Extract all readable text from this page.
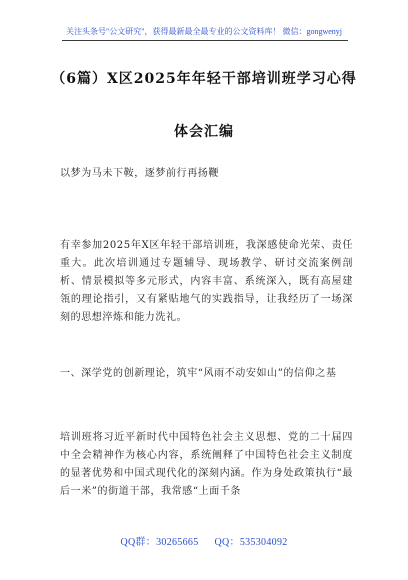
关注头条号"公文研究"，获得最新最全最专业的公文资料库！ 微信：gongwenyj
（6篇）X区2025年年轻干部培训班学习心得
体会汇编
以梦为马未下鞍，逐梦前行再扬鞭
有幸参加2025年X区年轻干部培训班，我深感使命光荣、责任重大。此次培训通过专题辅导、现场教学、研讨交流案例剖析、情景模拟等多元形式，内容丰富、系统深入，既有高屋建瓴的理论指引，又有紧贴地气的实践指导，让我经历了一场深刻的思想淬炼和能力洗礼。
一、深学党的创新理论，筑牢“风雨不动安如山”的信仰之基
培训班将习近平新时代中国特色社会主义思想、党的二十届四中全会精神作为核心内容，系统阐释了中国特色社会主义制度的显著优势和中国式现代化的深刻内涵。作为身处政策执行“最后一米”的街道干部，我常感“上面千条
QQ群：30265665 QQ：535304092
